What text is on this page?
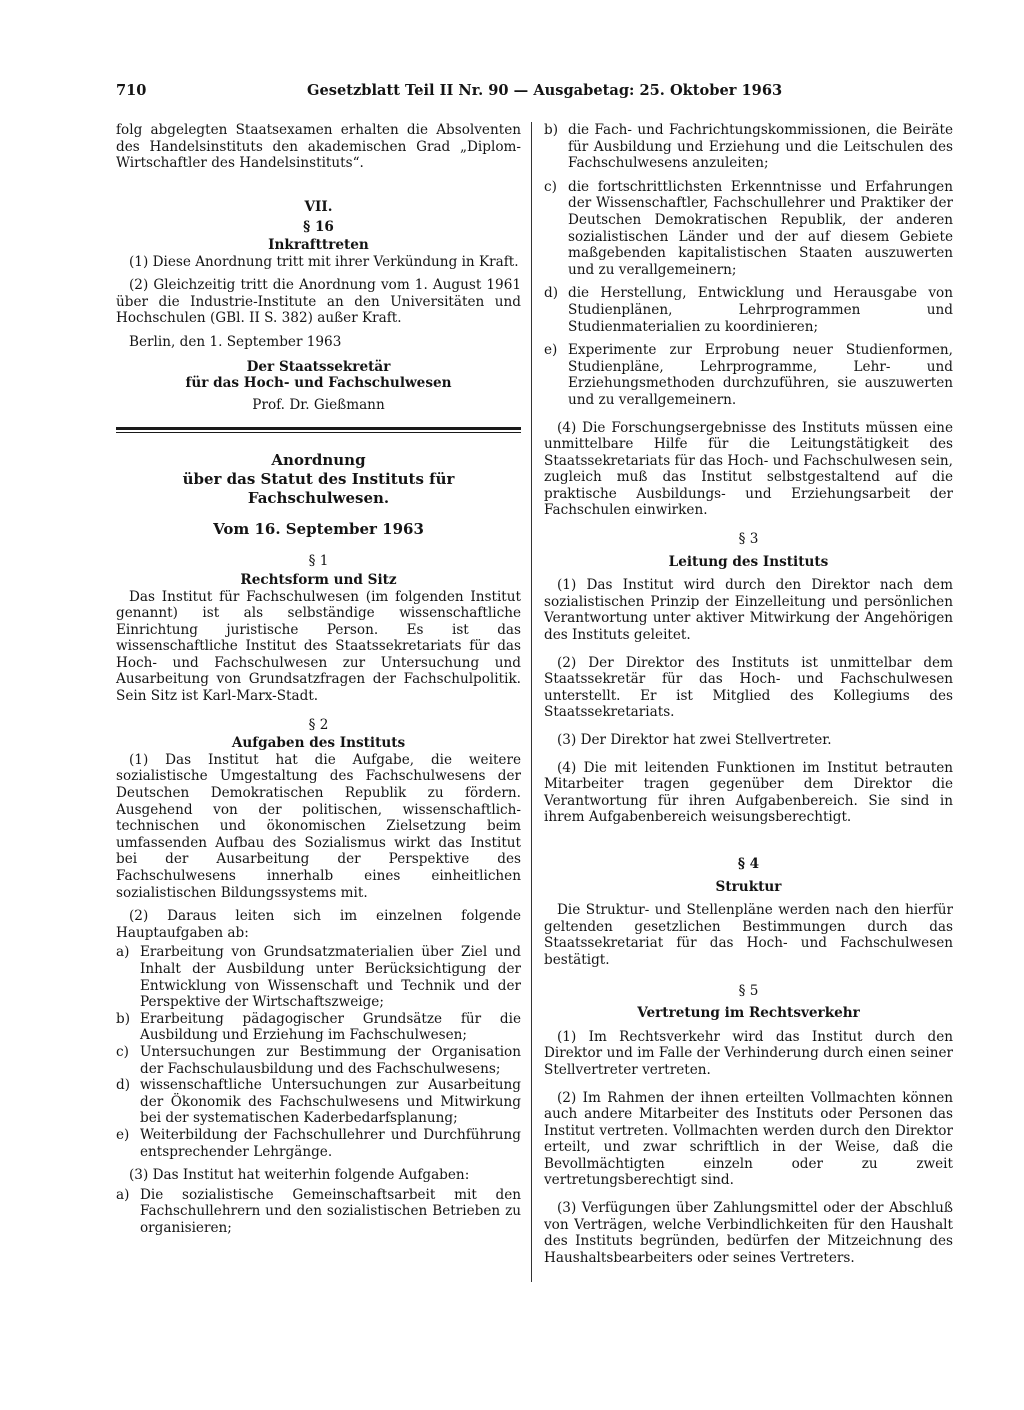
710	Gesetzblatt Teil II Nr. 90 — Ausgabetag: 25. Oktober 1963

folg abgelegten Staatsexamen erhalten die Absolventen des Handelsinstituts den akademischen Grad „Diplom-Wirtschaftler des Handelsinstituts“.

VII.
§ 16
Inkrafttreten

(1) Diese Anordnung tritt mit ihrer Verkündung in Kraft.

(2) Gleichzeitig tritt die Anordnung vom 1. August 1961 über die Industrie-Institute an den Universitäten und Hochschulen (GBl. II S. 382) außer Kraft.

Berlin, den 1. September 1963

Der Staatssekretär
für das Hoch- und Fachschulwesen
Prof. Dr. Gießmann
Anordnung
über das Statut des Instituts für Fachschulwesen.
Vom 16. September 1963
§ 1
Rechtsform und Sitz

Das Institut für Fachschulwesen (im folgenden Institut genannt) ist als selbständige wissenschaftliche Einrichtung juristische Person. Es ist das wissenschaftliche Institut des Staatssekretariats für das Hoch- und Fachschulwesen zur Untersuchung und Ausarbeitung von Grundsatzfragen der Fachschulpolitik. Sein Sitz ist Karl-Marx-Stadt.

§ 2
Aufgaben des Instituts

(1) Das Institut hat die Aufgabe, die weitere sozialistische Umgestaltung des Fachschulwesens der Deutschen Demokratischen Republik zu fördern. Ausgehend von der politischen, wissenschaftlich-technischen und ökonomischen Zielsetzung beim umfassenden Aufbau des Sozialismus wirkt das Institut bei der Ausarbeitung der Perspektive des Fachschulwesens innerhalb eines einheitlichen sozialistischen Bildungssystems mit.

(2) Daraus leiten sich im einzelnen folgende Hauptaufgaben ab:

a) Erarbeitung von Grundsatzmaterialien über Ziel und Inhalt der Ausbildung unter Berücksichtigung der Entwicklung von Wissenschaft und Technik und der Perspektive der Wirtschaftszweige;
b) Erarbeitung pädagogischer Grundsätze für die Ausbildung und Erziehung im Fachschulwesen;
c) Untersuchungen zur Bestimmung der Organisation der Fachschulausbildung und des Fachschulwesens;
d) wissenschaftliche Untersuchungen zur Ausarbeitung der Ökonomik des Fachschulwesens und Mitwirkung bei der systematischen Kaderbedarfsplanung;
e) Weiterbildung der Fachschullehrer und Durchführung entsprechender Lehrgänge.

(3) Das Institut hat weiterhin folgende Aufgaben:

a) Die sozialistische Gemeinschaftsarbeit mit den Fachschullehrern und den sozialistischen Betrieben zu organisieren;
b) die Fach- und Fachrichtungskommissionen, die Beiräte für Ausbildung und Erziehung und die Leitschulen des Fachschulwesens anzuleiten;
c) die fortschrittlichsten Erkenntnisse und Erfahrungen der Wissenschaftler, Fachschullehrer und Praktiker der Deutschen Demokratischen Republik, der anderen sozialistischen Länder und der auf diesem Gebiete maßgebenden kapitalistischen Staaten auszuwerten und zu verallgemeinern;
d) die Herstellung, Entwicklung und Herausgabe von Studienplänen, Lehrprogrammen und Studienmaterialien zu koordinieren;
e) Experimente zur Erprobung neuer Studienformen, Studienpläne, Lehrprogramme, Lehr- und Erziehungsmethoden durchzuführen, sie auszuwerten und zu verallgemeinern.

(4) Die Forschungsergebnisse des Instituts müssen eine unmittelbare Hilfe für die Leitungstätigkeit des Staatssekretariats für das Hoch- und Fachschulwesen sein, zugleich muß das Institut selbstgestaltend auf die praktische Ausbildungs- und Erziehungsarbeit der Fachschulen einwirken.

§ 3
Leitung des Instituts

(1) Das Institut wird durch den Direktor nach dem sozialistischen Prinzip der Einzelleitung und persönlichen Verantwortung unter aktiver Mitwirkung der Angehörigen des Instituts geleitet.

(2) Der Direktor des Instituts ist unmittelbar dem Staatssekretär für das Hoch- und Fachschulwesen unterstellt. Er ist Mitglied des Kollegiums des Staatssekretariats.

(3) Der Direktor hat zwei Stellvertreter.

(4) Die mit leitenden Funktionen im Institut betrauten Mitarbeiter tragen gegenüber dem Direktor die Verantwortung für ihren Aufgabenbereich. Sie sind in ihrem Aufgabenbereich weisungsberechtigt.

§ 4
Struktur

Die Struktur- und Stellenpläne werden nach den hierfür geltenden gesetzlichen Bestimmungen durch das Staatssekretariat für das Hoch- und Fachschulwesen bestätigt.

§ 5
Vertretung im Rechtsverkehr

(1) Im Rechtsverkehr wird das Institut durch den Direktor und im Falle der Verhinderung durch einen seiner Stellvertreter vertreten.

(2) Im Rahmen der ihnen erteilten Vollmachten können auch andere Mitarbeiter des Instituts oder Personen das Institut vertreten. Vollmachten werden durch den Direktor erteilt, und zwar schriftlich in der Weise, daß die Bevollmächtigten einzeln oder zu zweit vertretungsberechtigt sind.

(3) Verfügungen über Zahlungsmittel oder der Abschluß von Verträgen, welche Verbindlichkeiten für den Haushalt des Instituts begründen, bedürfen der Mitzeichnung des Haushaltsbearbeiters oder seines Vertreters.
